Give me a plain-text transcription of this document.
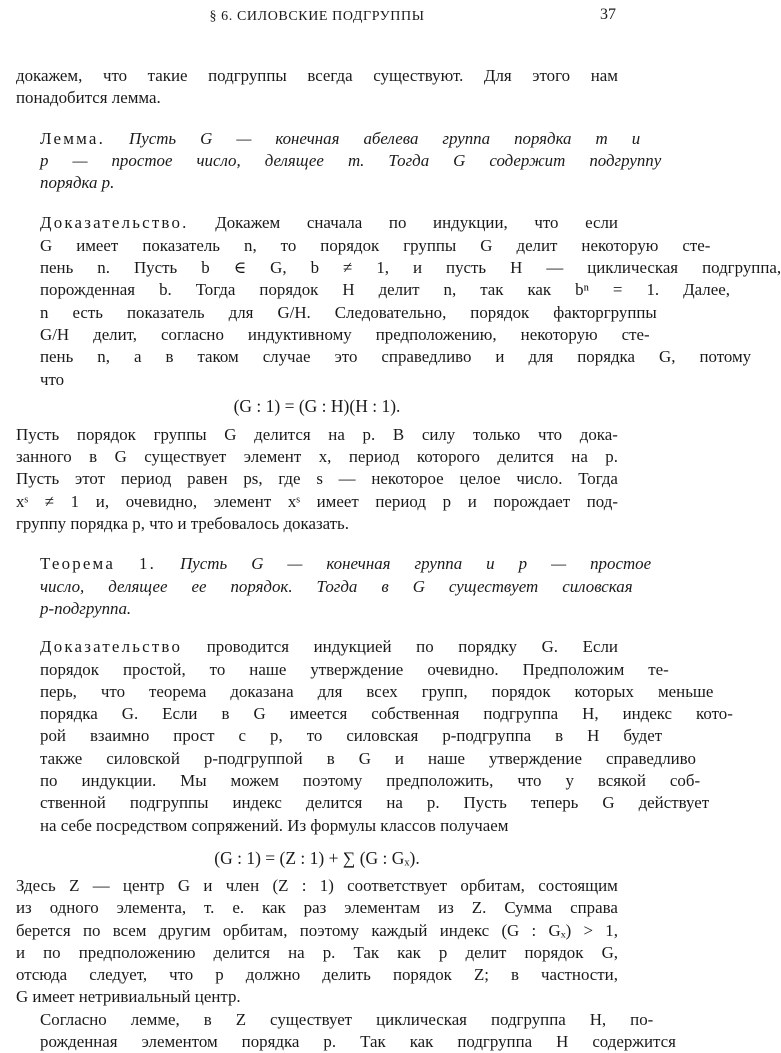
§ 6. СИЛОВСКИЕ ПОДГРУППЫ	37
докажем, что такие подгруппы всегда существуют. Для этого нам
понадобится лемма.
Лемма.	Пусть	G	—	конечная	абелева	группа	порядка	m	и
p	—	простое	число,	делящее	m.	Тогда	G	содержит	подгруппу
порядка p.
Доказательство.	Докажем	сначала	по	индукции,	что	если
G	имеет	показатель	n,	то	порядок	группы	G	делит	некоторую	сте-
пень	n.	Пусть	b	∈	G,	b	≠	1,	и	пусть	H	—	циклическая	подгруппа,
порожденная	b.	Тогда	порядок	H	делит	n,	так	как	bⁿ	=	1.	Далее,
n	есть	показатель	для	G/H.	Следовательно,	порядок	факторгруппы
G/H	делит,	согласно	индуктивному	предположению,	некоторую	сте-
пень	n,	а	в	таком	случае	это	справедливо	и	для	порядка	G,	потому
что
(G : 1) = (G : H)(H : 1).
Пусть порядок группы G делится на p. В силу только что дока-
занного в G существует элемент x, период которого делится на p.
Пусть этот период равен ps, где s — некоторое целое число. Тогда
xˢ ≠ 1 и, очевидно, элемент xˢ имеет период p и порождает под-
группу порядка p, что и требовалось доказать.
Теорема	1.	Пусть	G	—	конечная	группа	и	p	—	простое
число,	делящее	ее	порядок.	Тогда	в	G	существует	силовская
p-подгруппа.
Доказательство	проводится	индукцией	по	порядку	G.	Если
порядок	простой,	то	наше	утверждение	очевидно.	Предположим	те-
перь,	что	теорема	доказана	для	всех	групп,	порядок	которых	меньше
порядка	G.	Если	в	G	имеется	собственная	подгруппа	H,	индекс	кото-
рой	взаимно	прост	с	p,	то	силовская	p-подгруппа	в	H	будет
также	силовской	p-подгруппой	в	G	и	наше	утверждение	справедливо
по	индукции.	Мы	можем	поэтому	предположить,	что	у	всякой	соб-
ственной	подгруппы	индекс	делится	на	p.	Пусть	теперь	G	действует
на себе посредством сопряжений. Из формулы классов получаем
(G : 1) = (Z : 1) + ∑ (G : Gₓ).
Здесь Z — центр G и член (Z : 1) соответствует орбитам, состоящим
из одного элемента, т. е. как раз элементам из Z. Сумма справа
берется по всем другим орбитам, поэтому каждый индекс (G : Gₓ) > 1,
и по предположению делится на p. Так как p делит порядок G,
отсюда следует, что p должно делить порядок Z; в частности,
G имеет нетривиальный центр.
Согласно	лемме,	в	Z	существует	циклическая	подгруппа	H,	по-
рожденная	элементом	порядка	p.	Так	как	подгруппа	H	содержится
